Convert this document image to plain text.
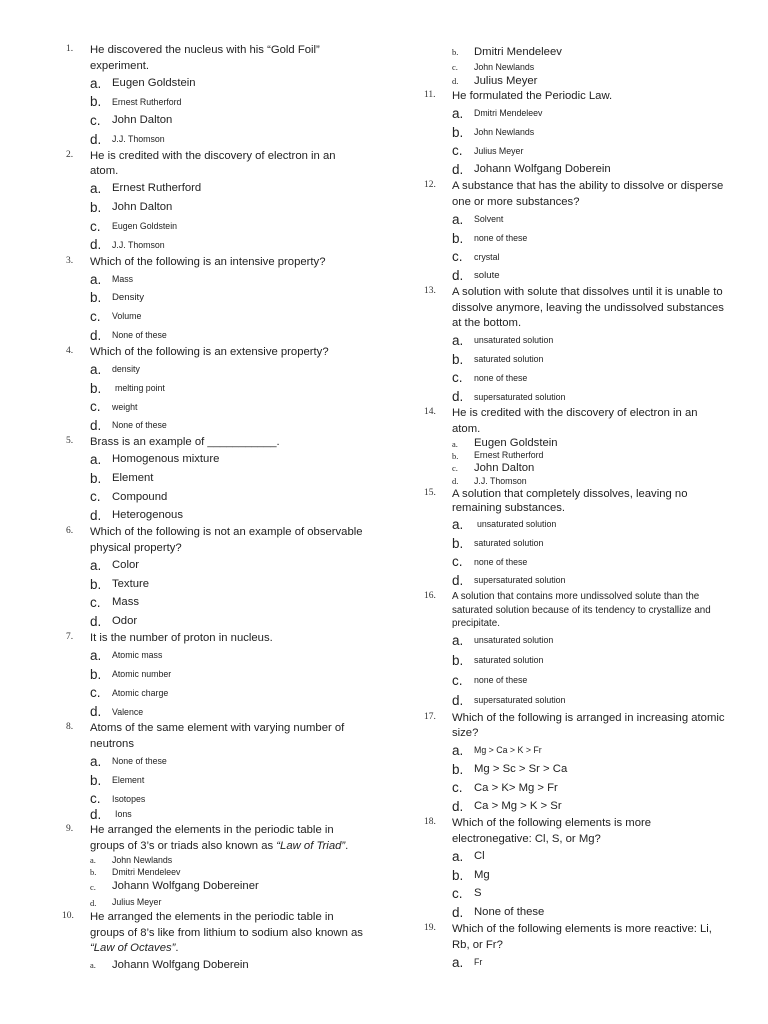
1.	He discovered the nucleus with his “Gold Foil” experiment.
a. Eugen Goldstein
b.	Ernest Rutherford
c.	John Dalton
d.	J.J. Thomson
2.	He is credited with the discovery of electron in an atom.
a. Ernest Rutherford
b. John Dalton
c.	Eugen Goldstein
d.	J.J. Thomson
3.	Which of the following is an intensive property?
a.	Mass
b.	Density
c.	Volume
d.	None of these
4.	Which of the following is an extensive property?
a.	density
b.	melting point
c.	weight
d.	None of these
5.	Brass is an example of ___________.
a. Homogenous mixture
b. Element
c.	Compound
d. Heterogenous
6.	Which of the following is not an example of observable physical property?
a. Color
b. Texture
c.	Mass
d. Odor
7.	It is the number of proton in nucleus.
a.	Atomic mass
b.	Atomic number
c.	Atomic charge
d.	Valence
8.	Atoms of the same element with varying number of neutrons
a.	None of these
b.	Element
c.	Isotopes
d.	Ions
9.	He arranged the elements in the periodic table in groups of 3’s or triads also known as “Law of Triad”.
a.	John Newlands
b.	Dmitri Mendeleev
c.	Johann Wolfgang Dobereiner
d.	Julius Meyer
10.	He arranged the elements in the periodic table in groups of 8’s like from lithium to sodium also known as “Law of Octaves”.
a.	Johann Wolfgang Doberein
b.	Dmitri Mendeleev
c.	John Newlands
d.	Julius Meyer
11.	He formulated the Periodic Law.
a.	Dmitri Mendeleev
b.	John Newlands
c.	Julius Meyer
d. Johann Wolfgang Doberein
12.	A substance that has the ability to dissolve or disperse one or more substances?
a.	Solvent
b.	none of these
c.	crystal
d.	solute
13.	A solution with solute that dissolves until it is unable to dissolve anymore, leaving the undissolved substances at the bottom.
a.	unsaturated solution
b.	saturated solution
c.	none of these
d.	supersaturated solution
14.	He is credited with the discovery of electron in an atom.
a.	Eugen Goldstein
b.	Ernest Rutherford
c.	John Dalton
d.	J.J. Thomson
15.	A solution that completely dissolves, leaving no remaining substances.
a.	unsaturated solution
b.	saturated solution
c.	none of these
d.	supersaturated solution
16.	A solution that contains more undissolved solute than the saturated solution because of its tendency to crystallize and precipitate.
a.	unsaturated solution
b.	saturated solution
c.	none of these
d.	supersaturated solution
17.	Which of the following is arranged in increasing atomic size?
a.	Mg > Ca > K > Fr
b. Mg > Sc > Sr > Ca
c.	Ca > K> Mg > Fr
d. Ca > Mg > K > Sr
18.	Which of the following elements is more electronegative: Cl, S, or Mg?
a. Cl
b. Mg
c.	S
d. None of these
19.	Which of the following elements is more reactive: Li, Rb, or Fr?
a.	Fr
